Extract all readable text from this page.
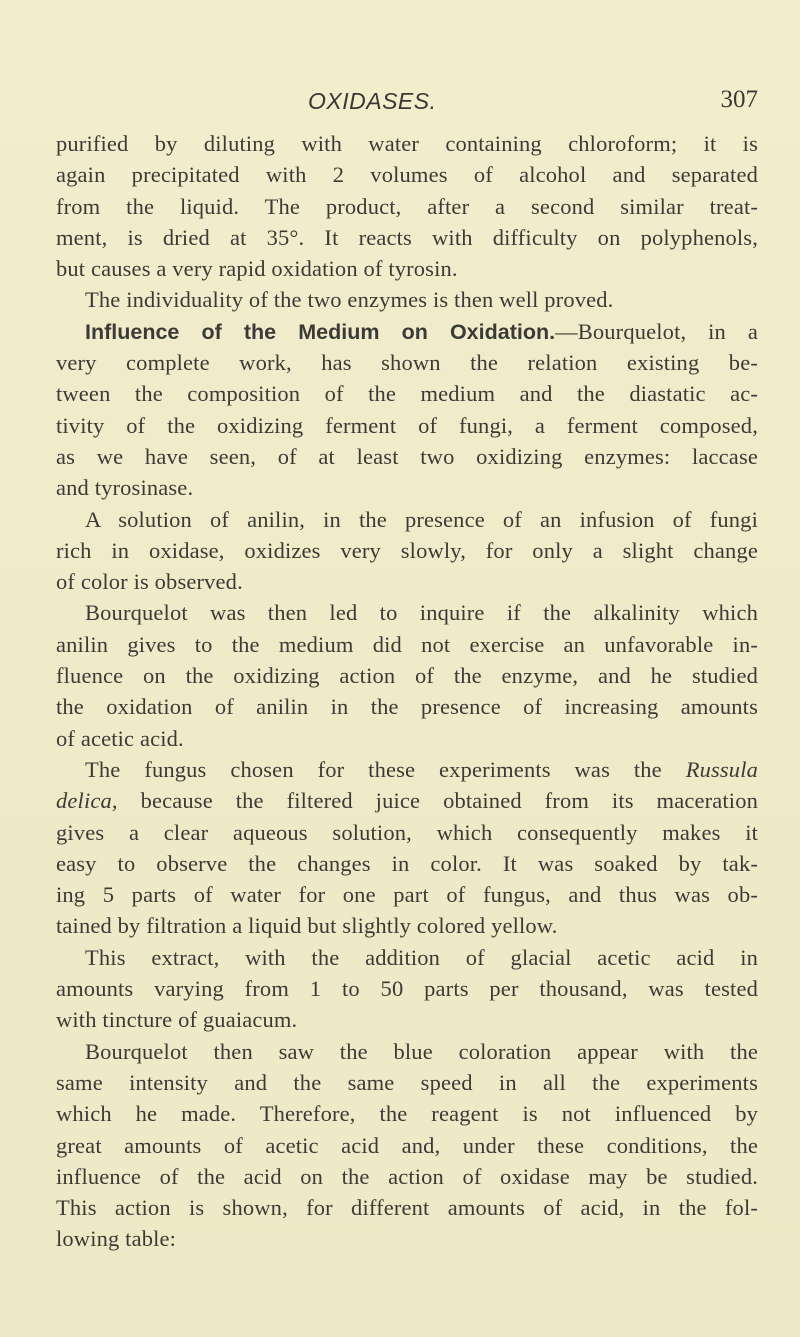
OXIDASES.	307
purified by diluting with water containing chloroform; it is
again precipitated with 2 volumes of alcohol and separated
from the liquid. The product, after a second similar treat-
ment, is dried at 35°. It reacts with difficulty on polyphenols,
but causes a very rapid oxidation of tyrosin.
The individuality of the two enzymes is then well proved.
Influence of the Medium on Oxidation.—Bourquelot, in a
very complete work, has shown the relation existing be-
tween the composition of the medium and the diastatic ac-
tivity of the oxidizing ferment of fungi, a ferment composed,
as we have seen, of at least two oxidizing enzymes: laccase
and tyrosinase.
A solution of anilin, in the presence of an infusion of fungi
rich in oxidase, oxidizes very slowly, for only a slight change
of color is observed.
Bourquelot was then led to inquire if the alkalinity which
anilin gives to the medium did not exercise an unfavorable in-
fluence on the oxidizing action of the enzyme, and he studied
the oxidation of anilin in the presence of increasing amounts
of acetic acid.
The fungus chosen for these experiments was the Russula
delica, because the filtered juice obtained from its maceration
gives a clear aqueous solution, which consequently makes it
easy to observe the changes in color. It was soaked by tak-
ing 5 parts of water for one part of fungus, and thus was ob-
tained by filtration a liquid but slightly colored yellow.
This extract, with the addition of glacial acetic acid in
amounts varying from 1 to 50 parts per thousand, was tested
with tincture of guaiacum.
Bourquelot then saw the blue coloration appear with the
same intensity and the same speed in all the experiments
which he made. Therefore, the reagent is not influenced by
great amounts of acetic acid and, under these conditions, the
influence of the acid on the action of oxidase may be studied.
This action is shown, for different amounts of acid, in the fol-
lowing table:
